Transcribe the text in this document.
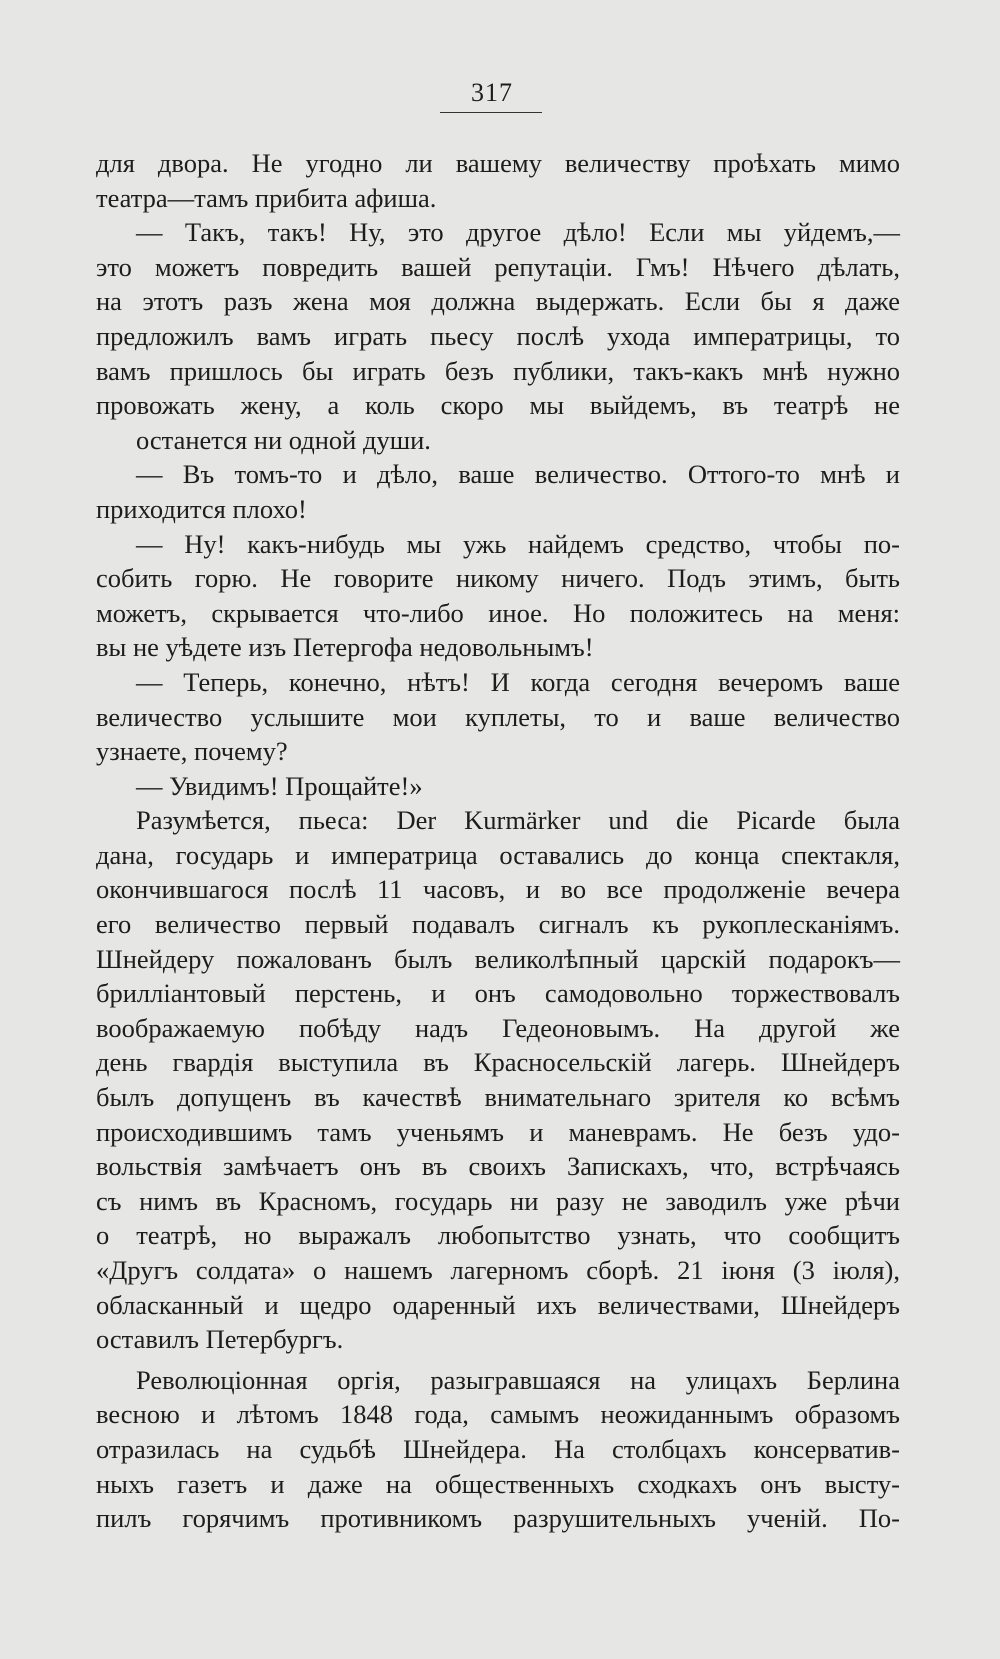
317
для двора. Не угодно ли вашему величеству проѣхать мимо
театра—тамъ прибита афиша.
— Такъ, такъ! Ну, это другое дѣло! Если мы уйдемъ,—
это можетъ повредить вашей репутаціи. Гмъ! Нѣчего дѣлать,
на этотъ разъ жена моя должна выдержать. Если бы я даже
предложилъ вамъ играть пьесу послѣ ухода императрицы, то
вамъ пришлось бы играть безъ публики, такъ-какъ мнѣ нужно
провожать жену, а коль скоро мы выйдемъ, въ театрѣ не
останется ни одной души.
— Въ томъ-то и дѣло, ваше величество. Оттого-то мнѣ и
приходится плохо!
— Ну! какъ-нибудь мы ужь найдемъ средство, чтобы по-
собить горю. Не говорите никому ничего. Подъ этимъ, быть
можетъ, скрывается что-либо иное. Но положитесь на меня:
вы не уѣдете изъ Петергофа недовольнымъ!
— Теперь, конечно, нѣтъ! И когда сегодня вечеромъ ваше
величество услышите мои куплеты, то и ваше величество
узнаете, почему?
— Увидимъ! Прощайте!»
Разумѣется, пьеса: Der Kurmärker und die Picarde была
дана, государь и императрица оставались до конца спектакля,
окончившагося послѣ 11 часовъ, и во все продолженіе вечера
его величество первый подавалъ сигналъ къ рукоплесканіямъ.
Шнейдеру пожалованъ былъ великолѣпный царскій подарокъ—
бриллiантовый перстень, и онъ самодовольно торжествовалъ
воображаемую побѣду надъ Гедеоновымъ. На другой же
день гвардія выступила въ Красносельскій лагерь. Шнейдеръ
былъ допущенъ въ качествѣ внимательнаго зрителя ко всѣмъ
происходившимъ тамъ ученьямъ и маневрамъ. Не безъ удо-
вольствія замѣчаетъ онъ въ своихъ Запискахъ, что, встрѣчаясь
съ нимъ въ Красномъ, государь ни разу не заводилъ уже рѣчи
о театрѣ, но выражалъ любопытство узнать, что сообщитъ
«Другъ солдата» о нашемъ лагерномъ сборѣ. 21 іюня (3 іюля),
обласканный и щедро одаренный ихъ величествами, Шнейдеръ
оставилъ Петербургъ.
Революціонная оргія, разыгравшаяся на улицахъ Берлина
весною и лѣтомъ 1848 года, самымъ неожиданнымъ образомъ
отразилась на судьбѣ Шнейдера. На столбцахъ консерватив-
ныхъ газетъ и даже на общественныхъ сходкахъ онъ высту-
пилъ горячимъ противникомъ разрушительныхъ ученій. По-
